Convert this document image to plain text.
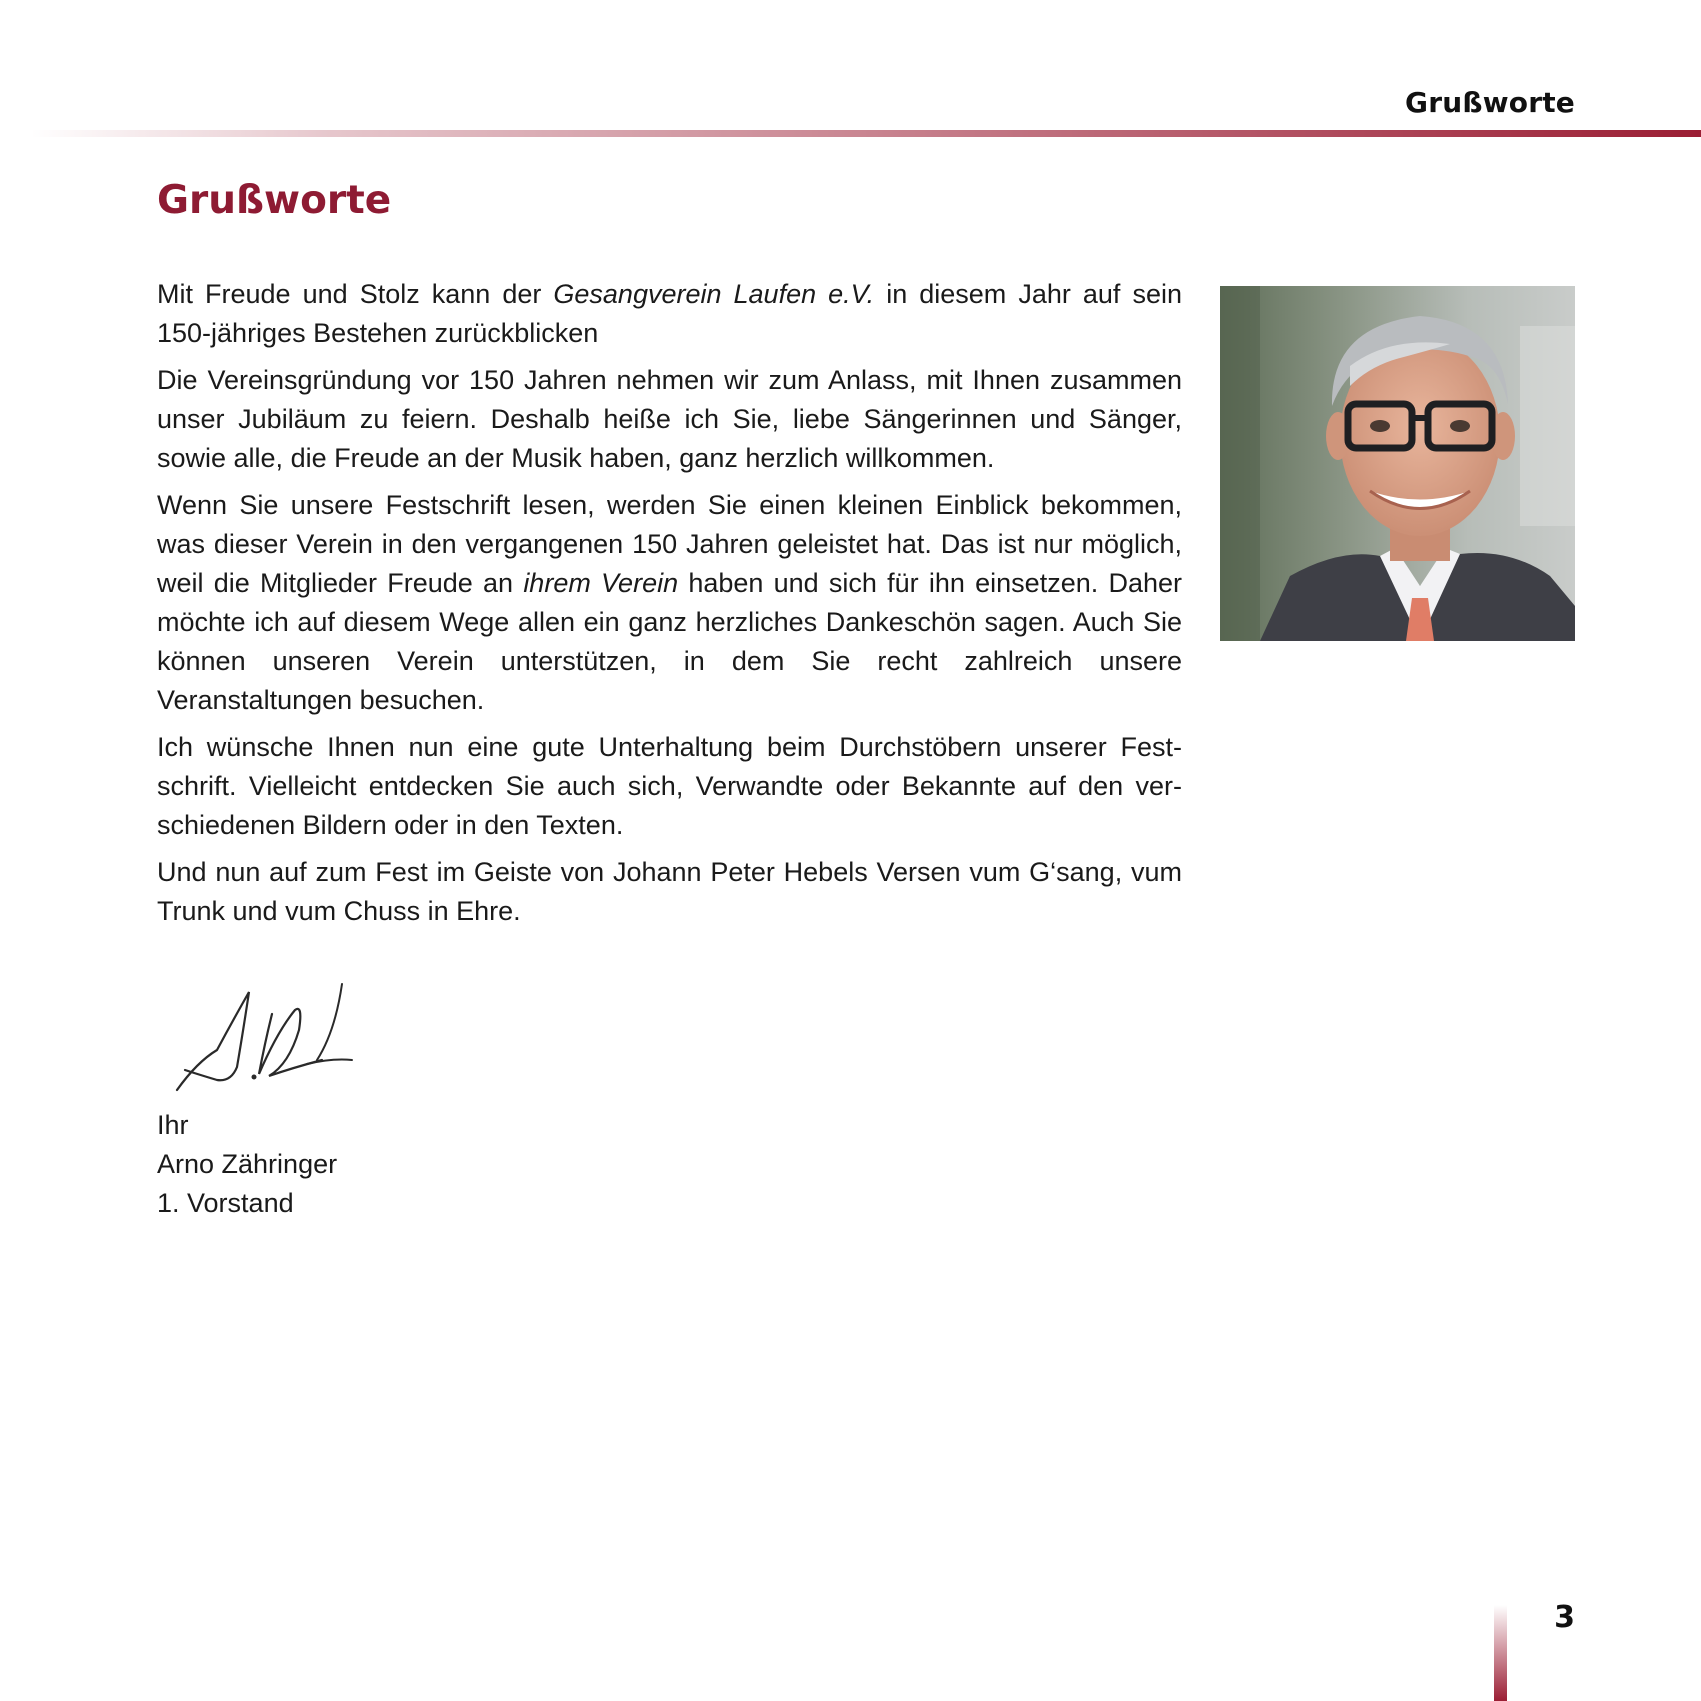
Grußworte
Grußworte

Mit Freude und Stolz kann der Gesangverein Laufen e.V. in diesem Jahr auf sein 150-jähriges Bestehen zurückblicken

Die Vereinsgründung vor 150 Jahren nehmen wir zum Anlass, mit Ihnen zusammen unser Jubiläum zu feiern. Deshalb heiße ich Sie, liebe Sängerinnen und Sänger, sowie alle, die Freude an der Musik haben, ganz herzlich willkommen.

Wenn Sie unsere Festschrift lesen, werden Sie einen kleinen Einblick bekommen, was dieser Verein in den vergangenen 150 Jahren geleistet hat. Das ist nur möglich, weil die Mitglieder Freude an ihrem Verein haben und sich für ihn einsetzen. Daher möchte ich auf diesem Wege allen ein ganz herzliches Dankeschön sagen. Auch Sie können unseren Verein unterstützen, in dem Sie recht zahlreich unsere Veranstaltungen besuchen.

Ich wünsche Ihnen nun eine gute Unterhaltung beim Durchstöbern unserer Festschrift. Vielleicht entdecken Sie auch sich, Verwandte oder Bekannte auf den verschiedenen Bildern oder in den Texten.

Und nun auf zum Fest im Geiste von Johann Peter Hebels Versen vum G‘sang, vum Trunk und vum Chuss in Ehre.

Ihr
Arno Zähringer
1. Vorstand
3
